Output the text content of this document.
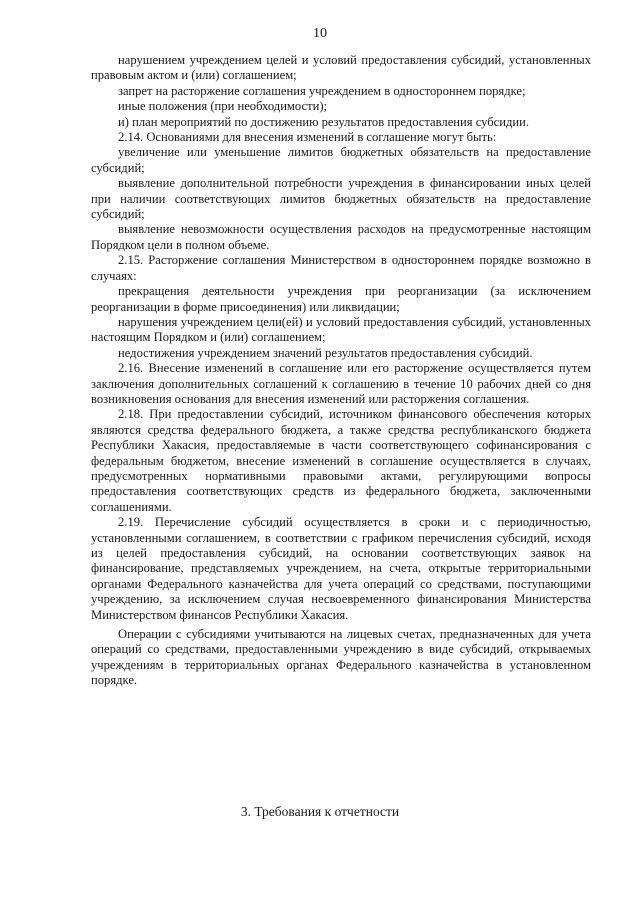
10

нарушением учреждением целей и условий предоставления субсидий, установленных правовым актом и (или) соглашением;

запрет на расторжение соглашения учреждением в одностороннем порядке;

иные положения (при необходимости);

и) план мероприятий по достижению результатов предоставления субсидии.

2.14. Основаниями для внесения изменений в соглашение могут быть:

увеличение или уменьшение лимитов бюджетных обязательств на предоставление субсидий;

выявление дополнительной потребности учреждения в финансировании иных целей при наличии соответствующих лимитов бюджетных обязательств на предоставление субсидий;

выявление невозможности осуществления расходов на предусмотренные настоящим Порядком цели в полном объеме.

2.15. Расторжение соглашения Министерством в одностороннем порядке возможно в случаях:

прекращения деятельности учреждения при реорганизации (за исключением реорганизации в форме присоединения) или ликвидации;

нарушения учреждением цели(ей) и условий предоставления субсидий, установленных настоящим Порядком и (или) соглашением;

недостижения учреждением значений результатов предоставления субсидий.

2.16. Внесение изменений в соглашение или его расторжение осуществляется путем заключения дополнительных соглашений к соглашению в течение 10 рабочих дней со дня возникновения основания для внесения изменений или расторжения соглашения.

2.18. При предоставлении субсидий, источником финансового обеспечения которых являются средства федерального бюджета, а также средства республиканского бюджета Республики Хакасия, предоставляемые в части соответствующего софинансирования с федеральным бюджетом, внесение изменений в соглашение осуществляется в случаях, предусмотренных нормативными правовыми актами, регулирующими вопросы предоставления соответствующих средств из федерального бюджета, заключенными соглашениями.

2.19. Перечисление субсидий осуществляется в сроки и с периодичностью, установленными соглашением, в соответствии с графиком перечисления субсидий, исходя из целей предоставления субсидий, на основании соответствующих заявок на финансирование, представляемых учреждением, на счета, открытые территориальными органами Федерального казначейства для учета операций со средствами, поступающими учреждению, за исключением случая несвоевременного финансирования Министерства Министерством финансов Республики Хакасия.

Операции с субсидиями учитываются на лицевых счетах, предназначенных для учета операций со средствами, предоставленными учреждению в виде субсидий, открываемых учреждениям в территориальных органах Федерального казначейства в установленном порядке.

3. Требования к отчетности
